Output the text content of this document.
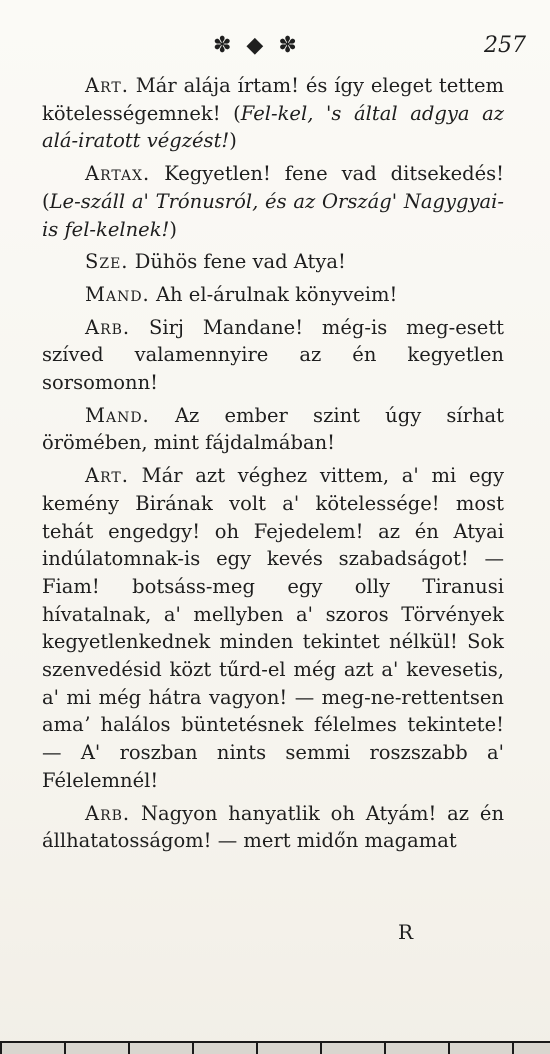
✽ ◆ ✽	257

Art. Már alája írtam! és így eleget tettem kötelességemnek! (Fel-kel, 's által adgya az alá-iratott végzést!)

Artax. Kegyetlen! fene vad ditsekedés! (Le-száll a' Trónusról, és az Ország' Nagygyai-is fel-kelnek!)

Sze. Dühös fene vad Atya!

Mand. Ah el-árulnak könyveim!

Arb. Sirj Mandane! még-is meg-esett szíved valamennyire az én kegyetlen sorsomonn!

Mand. Az ember szint úgy sírhat örömében, mint fájdalmában!

Art. Már azt véghez vittem, a' mi egy kemény Birának volt a' kötelessége! most tehát engedgy! oh Fejedelem! az én Atyai indúlatomnak-is egy kevés szabadságot! — Fiam! botsáss-meg egy olly Tiranusi hívatalnak, a' mellyben a' szoros Törvények kegyetlenkednek minden tekintet nélkül! Sok szenvedésid közt tűrd-el még azt a' kevesetis, a' mi még hátra vagyon! — meg-ne-rettentsen amaʼ halálos büntetésnek félelmes tekintete! — A' roszban nints semmi roszszabb a' Félelemnél!

Arb. Nagyon hanyatlik oh Atyám! az én állhatatosságom! — mert midőn magamat

R
